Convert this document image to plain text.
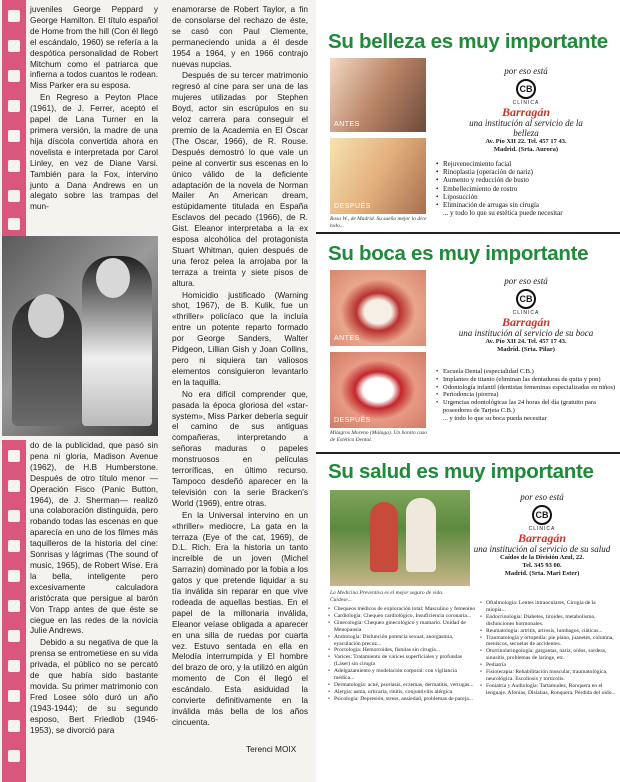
juveniles George Peppard y George Hamilton. El título español de Home from the hill (Con él llegó el escándalo, 1960) se refería a la despótica personalidad de Robert Mitchum como el patriarca que infierna a todos cuantos le rodean. Miss Parker era su esposa.

En Regreso a Peyton Place (1961), de J. Ferrer, aceptó el papel de Lana Turner en la primera versión, la madre de una hija díscola convertida ahora en novelista e interpretada por Carol Linley, en vez de Diane Varsi. También para la Fox, intervino junto a Dana Andrews en un alegato sobre las trampas del mun-

do de la publicidad, que pasó sin pena ni gloria, Madison Avenue (1962), de H.B Humberstone. Después de otro título menor —Operación Fisco (Panic Button, 1964), de J. Sherman— realizó una colaboración distinguida, pero robando todas las escenas en que aparecía en uno de los filmes más taquilleros de la historia del cine: Sonrisas y lágrimas (The sound of music, 1965), de Robert Wise. Era la bella, inteligente pero excesivamente calculadora aristócrata que persigue al barón Von Trapp antes de que éste se ciegue en las redes de la novicia Julie Andrews.

Debido a su negativa de que la prensa se entrometiese en su vida privada, el público no se percató de que había sido bastante movida. Su primer matrimonio con Fred Losee sólo duró un año (1943-1944); de su segundo esposo, Bert Friedlob (1946-1953), se divorció para

enamorarse de Robert Taylor, a fin de consolarse del rechazo de éste, se casó con Paul Clemente, permaneciendo unida a él desde 1954 a 1964, y en 1966 contrajo nuevas nupcias.

Después de su tercer matrimonio regresó al cine para ser una de las mujeres utilizadas por Stephen Boyd, actor sin escrúpulos en su veloz carrera para conseguir el premio de la Academia en El Óscar (The Oscar, 1966), de R. Rouse. Después demostró lo que vale un peine al convertir sus escenas en lo único válido de la deficiente adaptación de la novela de Norman Mailer An American dream, estúpidamente titulada en España Esclavos del pecado (1966), de R. Gist. Eleanor interpretaba a la ex esposa alcohólica del protagonista Stuart Whitman, quien después de una feroz pelea la arrojaba por la terraza a treinta y siete pisos de altura.

Homicidio justificado (Warning shot, 1967), de B. Kulik, fue un «thriller» policíaco que la incluía entre un potente reparto formado por George Sanders, Walter Pidgeon, Lillian Gish y Joan Collins, pero ni siquiera tan valiosos elementos consiguieron levantarlo en la taquilla.

No era difícil comprender que, pasada la época gloriosa del «star-system», Miss Parker debería seguir el camino de sus antiguas compañeras, interpretando a señoras maduras o papeles monstruosos en películas terroríficas, en último recurso. Tampoco desdeñó aparecer en la televisión con la serie Bracken's World (1969), entre otras.

En la Universal intervino en un «thriller» mediocre, La gata en la terraza (Eye of the cat, 1969), de D.L. Rich. Era la historia un tanto increíble de un joven (Michel Sarrazin) dominado por la fobia a los gatos y que pretende liquidar a su tía inválida sin reparar en que vive rodeada de aquellas bestias. En el papel de la millonaria inválida, Eleanor veíase obligada a aparecer en una silla de ruedas por cuarta vez. Estuvo sentada en ella en Melodía interrumpida y El hombre del brazo de oro, y la utilizó en algún momento de Con él llegó el escándalo. Esta asiduidad la convierte definitivamente en la inválida más bella de los años cincuenta.

Terenci MOIX
Su belleza es muy importante
ANTES
DESPUÉS
Rosa W., de Madrid. Su sueño mejor lo dice todo...
por eso está
CB
CLINICA
Barragán
una institución al servicio de la belleza
Av. Pío XII 22. Tel. 457 17 43.
Madrid. (Srta. Aurora)
• Rejuvenecimiento facial
• Rinoplastia (operación de nariz)
• Aumento y reducción de busto
• Embellecimiento de rostro
• Liposucción
• Eliminación de arrugas sin cirugía
... y todo lo que su estética puede necesitar
Su boca es muy importante
ANTES
DESPUÉS
Milagros Moreno (Málaga). Un bonito caso de Estética Dental.
por eso está
CB
CLINICA
Barragán
una institución al servicio de su boca
Av. Pío XII 24. Tel. 457 17 43.
Madrid. (Srta. Pilar)
• Escuela Dental (especialidad C.B.)
• Implantes de titanio (eliminan las dentaduras de quita y pon)
• Odontología infantil (dentistas femeninas especializadas en niños)
• Periodoncia (piorrea)
• Urgencias odontológicas las 24 horas del día (gratuito para poseedores de Tarjeta C.B.)
... y todo lo que su boca pueda necesitar
Su salud es muy importante
La Medicina Preventiva es el mejor seguro de vida. Cuídese...
por eso está
CB
CLINICA
Barragán
una institución al servicio de su salud
Caídos de la División Azul, 22.
Tel. 345 93 00.
Madrid. (Srta. Mari Ester)
• Chequeos médicos de exploración total: Masculino y femenino
• Cardiología: Chequeo cardiológico, Insuficiencia coronaria...
• Ginecología: Chequeo ginecológico y mamario. Unidad de Menopausia
• Andrología: Disfunción potencia sexual, anorgasmia, eyaculación precoz...
• Proctología: Hemorroides, fistulas sin cirugía...
• Varices: Tratamiento de varices superficiales y profundas (Láser) sin cirugía
• Adelgazamiento y modelación corporal: con vigilancia médica...
• Dermatología: acné, psoriasis, eczemas, dermatitis, verrugas...
• Alergia: asma, urticaria, rinitis, conjuntivitis alérgica
• Psicología: Depresión, stress, ansiedad, problemas de pareja...
• Oftalmología: Lentes intraoculares, Cirugía de la miopía...
• Endocrinología: Diabetes, tiroides, metabolismo, disfunciones hormonales.
• Reumatología: artritis, artrosis, lumbagos, ciáticas...
• Traumatología y ortopedia: pie plano, juanetes, columna, meniscos, secuelas de accidentes.
• Otorrinolaringología: gargantas, nariz, oídos, sordera, sinusitis, problemas de laringe, etc.
• Pediatría
• Fisioterapia: Rehabilitación muscular, traumatológica, neurológica. Escoliosis y tortícolis.
• Foniatría y Audiología: Tartamudez, Ronquera en el lenguaje. Afonías, Dislalias, Ronquera. Pérdida del oído...
